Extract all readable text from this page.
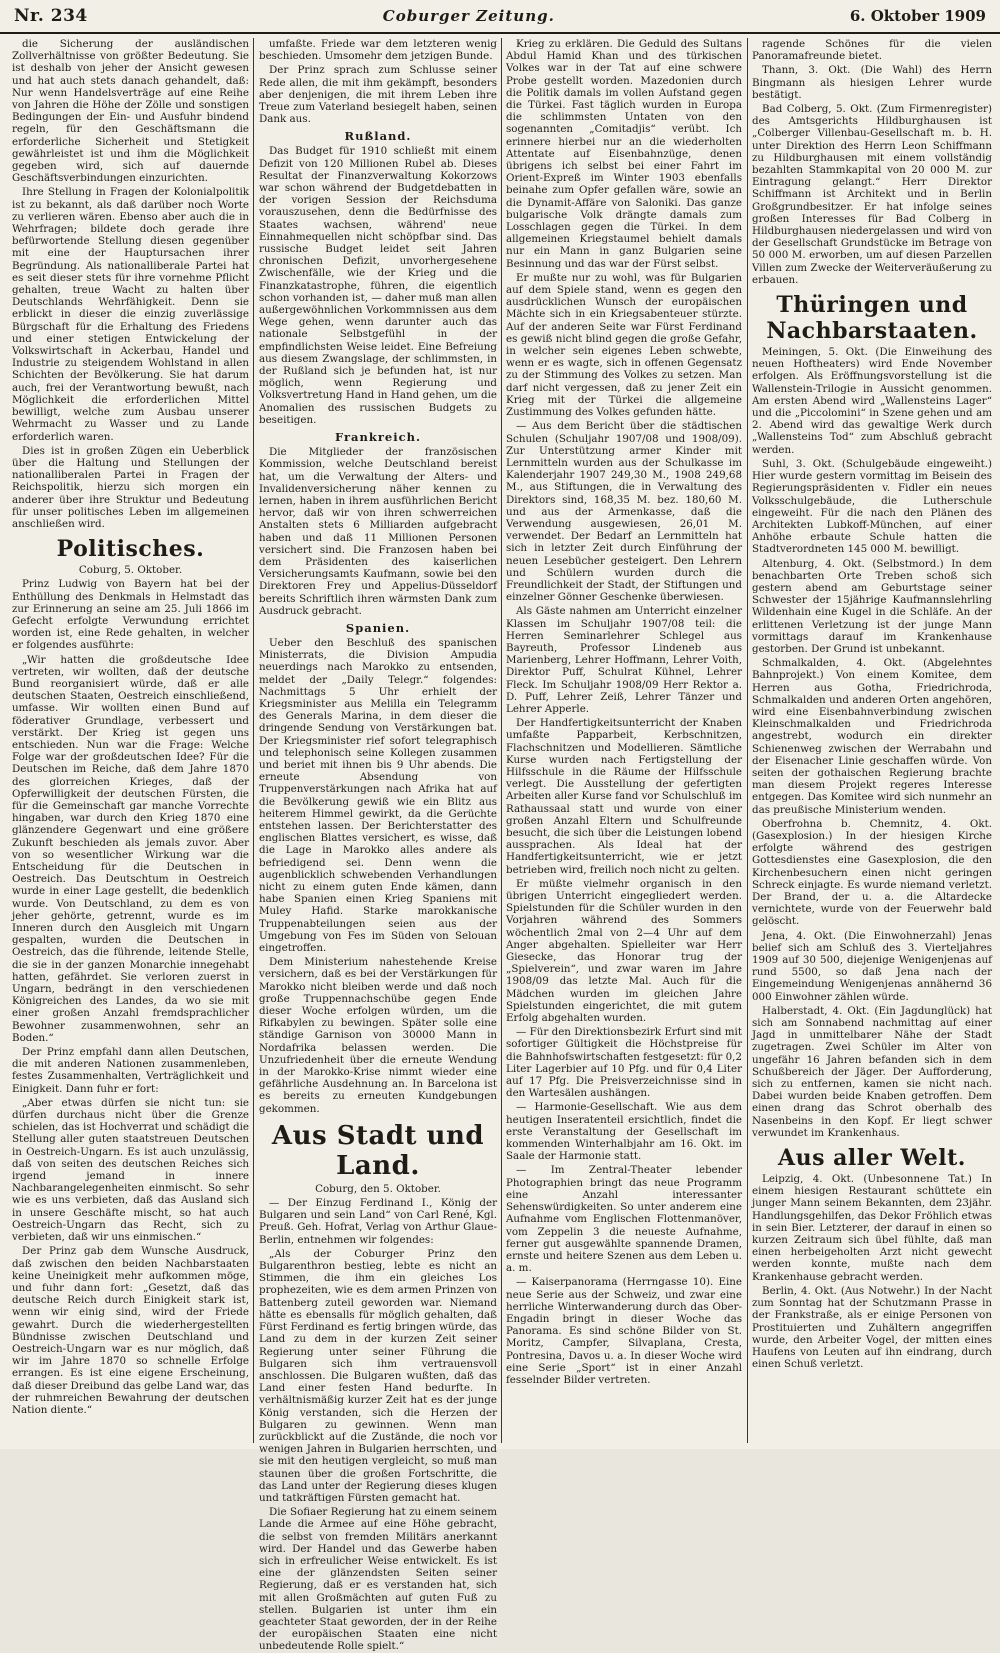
Nr. 234	Coburger Zeitung.	6. Oktober 1909

die Sicherung der ausländischen Zollverhältnisse von größter Bedeutung. Sie ist deshalb von jeher der Ansicht gewesen und hat auch stets danach gehandelt, daß: Nur wenn Handelsverträge auf eine Reihe von Jahren die Höhe der Zölle und sonstigen Bedingungen der Ein- und Ausfuhr bindend regeln, für den Geschäftsmann die erforderliche Sicherheit und Stetigkeit gewährleistet ist und ihm die Möglichkeit gegeben wird, sich auf dauernde Geschäftsverbindungen einzurichten.

Ihre Stellung in Fragen der Kolonialpolitik ist zu bekannt, als daß darüber noch Worte zu verlieren wären. Ebenso aber auch die in Wehrfragen; bildete doch gerade ihre befürwortende Stellung diesen gegenüber mit eine der Hauptursachen ihrer Begründung. Als nationalliberale Partei hat es seit dieser stets für ihre vornehme Pflicht gehalten, treue Wacht zu halten über Deutschlands Wehrfähigkeit. Denn sie erblickt in dieser die einzig zuverlässige Bürgschaft für die Erhaltung des Friedens und einer stetigen Entwickelung der Volkswirtschaft in Ackerbau, Handel und Industrie zu steigendem Wohlstand in allen Schichten der Bevölkerung. Sie hat darum auch, frei der Verantwortung bewußt, nach Möglichkeit die erforderlichen Mittel bewilligt, welche zum Ausbau unserer Wehrmacht zu Wasser und zu Lande erforderlich waren.

Dies ist in großen Zügen ein Ueberblick über die Haltung und Stellungen der nationalliberalen Partei in Fragen der Reichspolitik, hierzu sich morgen ein anderer über ihre Struktur und Bedeutung für unser politisches Leben im allgemeinen anschließen wird.

Politisches.
Coburg, 5. Oktober.

Prinz Ludwig von Bayern hat bei der Enthüllung des Denkmals in Helmstadt das zur Erinnerung an seine am 25. Juli 1866 im Gefecht erfolgte Verwundung errichtet worden ist, eine Rede gehalten, in welcher er folgendes ausführte:

„Wir hatten die großdeutsche Idee vertreten, wir wollten, daß der deutsche Bund reorganisiert würde, daß er alle deutschen Staaten, Oestreich einschließend, umfasse. Wir wollten einen Bund auf föderativer Grundlage, verbessert und verstärkt. Der Krieg ist gegen uns entschieden. Nun war die Frage: Welche Folge war der großdeutschen Idee? Für die Deutschen im Reiche, daß dem Jahre 1870 des glorreichen Krieges, daß der Opferwilligkeit der deutschen Fürsten, die für die Gemeinschaft gar manche Vorrechte hingaben, war durch den Krieg 1870 eine glänzendere Gegenwart und eine größere Zukunft beschieden als jemals zuvor. Aber von so wesentlicher Wirkung war die Entscheidung für die Deutschen in Oestreich. Das Deutschtum in Oestreich wurde in einer Lage gestellt, die bedenklich wurde. Von Deutschland, zu dem es von jeher gehörte, getrennt, wurde es im Inneren durch den Ausgleich mit Ungarn gespalten, wurden die Deutschen in Oestreich, das die führende, leitende Stelle, die sie in der ganzen Monarchie innegehabt hatten, gefährdet. Sie verloren zuerst in Ungarn, bedrängt in den verschiedenen Königreichen des Landes, da wo sie mit einer großen Anzahl fremdsprachlicher Bewohner zusammenwohnen, sehr an Boden.“

Der Prinz empfahl dann allen Deutschen, die mit anderen Nationen zusammenleben, festes Zusammenhalten, Verträglichkeit und Einigkeit. Dann fuhr er fort:

„Aber etwas dürfen sie nicht tun: sie dürfen durchaus nicht über die Grenze schielen, das ist Hochverrat und schädigt die Stellung aller guten staatstreuen Deutschen in Oestreich-Ungarn. Es ist auch unzulässig, daß von seiten des deutschen Reiches sich irgend jemand in innere Nachbarangelegenheiten einmischt. So sehr wie es uns verbieten, daß das Ausland sich in unsere Geschäfte mischt, so hat auch Oestreich-Ungarn das Recht, sich zu verbieten, daß wir uns einmischen.“

Der Prinz gab dem Wunsche Ausdruck, daß zwischen den beiden Nachbarstaaten keine Uneinigkeit mehr aufkommen möge, und fuhr dann fort: „Gesetzt, daß das deutsche Reich durch Einigkeit stark ist, wenn wir einig sind, wird der Friede gewahrt. Durch die wiederhergestellten Bündnisse zwischen Deutschland und Oestreich-Ungarn war es nur möglich, daß wir im Jahre 1870 so schnelle Erfolge errangen. Es ist eine eigene Erscheinung, daß dieser Dreibund das gelbe Land war, das der ruhmreichen Bewahrung der deutschen Nation diente.“

umfaßte. Friede war dem letzteren wenig beschieden. Umsomehr dem jetzigen Bunde.

Der Prinz sprach zum Schlusse seiner Rede allen, die mit ihm gekämpft, besonders aber denjenigen, die mit ihrem Leben ihre Treue zum Vaterland besiegelt haben, seinen Dank aus.

Rußland.

Das Budget für 1910 schließt mit einem Defizit von 120 Millionen Rubel ab. Dieses Resultat der Finanzverwaltung Kokorzows war schon während der Budgetdebatten in der vorigen Session der Reichsduma vorauszusehen, denn die Bedürfnisse des Staates wachsen, während' neue Einnahmequellen nicht schöpfbar sind. Das russische Budget leidet seit Jahren chronischen Defizit, unvorhergesehene Zwischenfälle, wie der Krieg und die Finanzkatastrophe, führen, die eigentlich schon vorhanden ist, — daher muß man allen außergewöhnlichen Vorkommnissen aus dem Wege gehen, wenn darunter auch das nationale Selbstgefühl in der empfindlichsten Weise leidet. Eine Befreiung aus diesem Zwangslage, der schlimmsten, in der Rußland sich je befunden hat, ist nur möglich, wenn Regierung und Volksvertretung Hand in Hand gehen, um die Anomalien des russischen Budgets zu beseitigen.

Frankreich.

Die Mitglieder der französischen Kommission, welche Deutschland bereist hat, um die Verwaltung der Alters- und Invalidenversicherung näher kennen zu lernen, haben in ihrem ausführlichen Bericht hervor, daß wir von ihren schwerreichen Anstalten stets 6 Milliarden aufgebracht haben und daß 11 Millionen Personen versichert sind. Die Franzosen haben bei dem Präsidenten des kaiserlichen Versicherungsamts Kaufmann, sowie bei den Direktoren Frey und Appelius-Düsseldorf bereits Schriftlich ihren wärmsten Dank zum Ausdruck gebracht.

Spanien.

Ueber den Beschluß des spanischen Ministerrats, die Division Ampudia neuerdings nach Marokko zu entsenden, meldet der „Daily Telegr.“ folgendes: Nachmittags 5 Uhr erhielt der Kriegsminister aus Melilla ein Telegramm des Generals Marina, in dem dieser die dringende Sendung von Verstärkungen bat. Der Kriegsminister rief sofort telegraphisch und telephonisch seine Kollegen zusammen und beriet mit ihnen bis 9 Uhr abends. Die erneute Absendung von Truppenverstärkungen nach Afrika hat auf die Bevölkerung gewiß wie ein Blitz aus heiterem Himmel gewirkt, da die Gerüchte entstehen lassen. Der Berichterstatter des englischen Blattes versichert, es wisse, daß die Lage in Marokko alles andere als befriedigend sei. Denn wenn die augenblicklich schwebenden Verhandlungen nicht zu einem guten Ende kämen, dann habe Spanien einen Krieg Spaniens mit Muley Hafid. Starke marokkanische Truppenabteilungen seien aus der Umgebung von Fes im Süden von Selouan eingetroffen.

Dem Ministerium nahestehende Kreise versichern, daß es bei der Verstärkungen für Marokko nicht bleiben werde und daß noch große Truppennachschübe gegen Ende dieser Woche erfolgen würden, um die Rifkabylen zu bewingen. Später solle eine ständige Garnison von 30000 Mann in Nordafrika belassen werden. Die Unzufriedenheit über die erneute Wendung in der Marokko-Krise nimmt wieder eine gefährliche Ausdehnung an. In Barcelona ist es bereits zu erneuten Kundgebungen gekommen.

Aus Stadt und Land.
Coburg, den 5. Oktober.

— Der Einzug Ferdinand I., König der Bulgaren und sein Land“ von Carl René, Kgl. Preuß. Geh. Hofrat, Verlag von Arthur Glaue-Berlin, entnehmen wir folgendes:

„Als der Coburger Prinz den Bulgarenthron bestieg, lebte es nicht an Stimmen, die ihm ein gleiches Los prophezeiten, wie es dem armen Prinzen von Battenberg zuteil geworden war. Niemand hätte es ebensalls für möglich gehalten, daß Fürst Ferdinand es fertig bringen würde, das Land zu dem in der kurzen Zeit seiner Regierung unter seiner Führung die Bulgaren sich ihm vertrauensvoll anschlossen. Die Bulgaren wußten, daß das Land einer festen Hand bedurfte. In verhältnismäßig kurzer Zeit hat es der junge König verstanden, sich die Herzen der Bulgaren zu gewinnen. Wenn man zurückblickt auf die Zustände, die noch vor wenigen Jahren in Bulgarien herrschten, und sie mit den heutigen vergleicht, so muß man staunen über die großen Fortschritte, die das Land unter der Regierung dieses klugen und tatkräftigen Fürsten gemacht hat.

Die Sofiaer Regierung hat zu einem seinem Lande die Armee auf eine Höhe gebracht, die selbst von fremden Militärs anerkannt wird. Der Handel und das Gewerbe haben sich in erfreulicher Weise entwickelt. Es ist eine der glänzendsten Seiten seiner Regierung, daß er es verstanden hat, sich mit allen Großmächten auf guten Fuß zu stellen. Bulgarien ist unter ihm ein geachteter Staat geworden, der in der Reihe der europäischen Staaten eine nicht unbedeutende Rolle spielt.“

Krieg zu erklären. Die Geduld des Sultans Abdul Hamid Khan und des türkischen Volkes war in der Tat auf eine schwere Probe gestellt worden. Mazedonien durch die Politik damals im vollen Aufstand gegen die Türkei. Fast täglich wurden in Europa die schlimmsten Untaten von den sogenannten „Comitadjis“ verübt. Ich erinnere hierbei nur an die wiederholten Attentate auf Eisenbahnzüge, denen übrigens ich selbst bei einer Fahrt im Orient-Expreß im Winter 1903 ebenfalls beinahe zum Opfer gefallen wäre, sowie an die Dynamit-Affäre von Saloniki. Das ganze bulgarische Volk drängte damals zum Losschlagen gegen die Türkei. In dem allgemeinen Kriegstaumel behielt damals nur ein Mann in ganz Bulgarien seine Besinnung und das war der Fürst selbst.

Er mußte nur zu wohl, was für Bulgarien auf dem Spiele stand, wenn es gegen den ausdrücklichen Wunsch der europäischen Mächte sich in ein Kriegsabenteuer stürzte. Auf der anderen Seite war Fürst Ferdinand es gewiß nicht blind gegen die große Gefahr, in welcher sein eigenes Leben schwebte, wenn er es wagte, sich in offenen Gegensatz zu der Stimmung des Volkes zu setzen. Man darf nicht vergessen, daß zu jener Zeit ein Krieg mit der Türkei die allgemeine Zustimmung des Volkes gefunden hätte.

— Aus dem Bericht über die städtischen Schulen (Schuljahr 1907/08 und 1908/09). Zur Unterstützung armer Kinder mit Lernmitteln wurden aus der Schulkasse im Kalenderjahr 1907 249,30 M., 1908 249,68 M., aus Stiftungen, die in Verwaltung des Direktors sind, 168,35 M. bez. 180,60 M. und aus der Armenkasse, daß die Verwendung ausgewiesen, 26,01 M. verwendet. Der Bedarf an Lernmitteln hat sich in letzter Zeit durch Einführung der neuen Lesebücher gesteigert. Den Lehrern und Schülern wurden durch die Freundlichkeit der Stadt, der Stiftungen und einzelner Gönner Geschenke überwiesen.

Als Gäste nahmen am Unterricht einzelner Klassen im Schuljahr 1907/08 teil: die Herren Seminarlehrer Schlegel aus Bayreuth, Professor Lindeneb aus Marienberg, Lehrer Hoffmann, Lehrer Voith, Direktor Puff, Schulrat Kühnel, Lehrer Fleck. Im Schuljahr 1908/09 Herr Rektor a. D. Puff, Lehrer Zeiß, Lehrer Tänzer und Lehrer Apperle.

Der Handfertigkeitsunterricht der Knaben umfaßte Papparbeit, Kerbschnitzen, Flachschnitzen und Modellieren. Sämtliche Kurse wurden nach Fertigstellung der Hilfsschule in die Räume der Hilfsschule verlegt. Die Ausstellung der gefertigten Arbeiten aller Kurse fand vor Schulschluß im Rathaussaal statt und wurde von einer großen Anzahl Eltern und Schulfreunde besucht, die sich über die Leistungen lobend aussprachen. Als Ideal hat der Handfertigkeitsunterricht, wie er jetzt betrieben wird, freilich noch nicht zu gelten.

Er müßte vielmehr organisch in den übrigen Unterricht eingegliedert werden. Spielstunden für die Schüler wurden in den Vorjahren während des Sommers wöchentlich 2mal von 2—4 Uhr auf dem Anger abgehalten. Spielleiter war Herr Giesecke, das Honorar trug der „Spielverein“, und zwar waren im Jahre 1908/09 das letzte Mal. Auch für die Mädchen wurden im gleichen Jahre Spielstunden eingerichtet, die mit gutem Erfolg abgehalten wurden.

— Für den Direktionsbezirk Erfurt sind mit sofortiger Gültigkeit die Höchstpreise für die Bahnhofswirtschaften festgesetzt: für 0,2 Liter Lagerbier auf 10 Pfg. und für 0,4 Liter auf 17 Pfg. Die Preisverzeichnisse sind in den Wartesälen aushängen.

— Harmonie-Gesellschaft. Wie aus dem heutigen Inseratenteil ersichtlich, findet die erste Veranstaltung der Gesellschaft im kommenden Winterhalbjahr am 16. Okt. im Saale der Harmonie statt.

— Im Zentral-Theater lebender Photographien bringt das neue Programm eine Anzahl interessanter Sehenswürdigkeiten. So unter anderem eine Aufnahme vom Englischen Flottenmanöver, vom Zeppelin 3 die neueste Aufnahme, ferner gut ausgewählte spannende Dramen, ernste und heitere Szenen aus dem Leben u. a. m.

— Kaiserpanorama (Herrngasse 10). Eine neue Serie aus der Schweiz, und zwar eine herrliche Winterwanderung durch das Ober-Engadin bringt in dieser Woche das Panorama. Es sind schöne Bilder von St. Moritz, Campfer, Silvaplana, Cresta, Pontresina, Davos u. a. In dieser Woche wird eine Serie „Sport“ ist in einer Anzahl fesselnder Bilder vertreten.

ragende Schönes für die vielen Panoramafreunde bietet.

Thann, 3. Okt. (Die Wahl) des Herrn Bingmann als hiesigen Lehrer wurde bestätigt.

Bad Colberg, 5. Okt. (Zum Firmenregister) des Amtsgerichts Hildburghausen ist „Colberger Villenbau-Gesellschaft m. b. H. unter Direktion des Herrn Leon Schiffmann zu Hildburghausen mit einem vollständig bezahlten Stammkapital von 20 000 M. zur Eintragung gelangt.“ Herr Direktor Schiffmann ist Architekt und in Berlin Großgrundbesitzer. Er hat infolge seines großen Interesses für Bad Colberg in Hildburghausen niedergelassen und wird von der Gesellschaft Grundstücke im Betrage von 50 000 M. erworben, um auf diesen Parzellen Villen zum Zwecke der Weiterveräußerung zu erbauen.

Thüringen und Nachbarstaaten.

Meiningen, 5. Okt. (Die Einweihung des neuen Hoftheaters) wird Ende November erfolgen. Als Eröffnungsvorstellung ist die Wallenstein-Trilogie in Aussicht genommen. Am ersten Abend wird „Wallensteins Lager“ und die „Piccolomini“ in Szene gehen und am 2. Abend wird das gewaltige Werk durch „Wallensteins Tod“ zum Abschluß gebracht werden.

Suhl, 3. Okt. (Schulgebäude eingeweiht.) Hier wurde gestern vormittag im Beisein des Regierungspräsidenten v. Fidler ein neues Volksschulgebäude, die Lutherschule eingeweiht. Für die nach den Plänen des Architekten Lubkoff-München, auf einer Anhöhe erbaute Schule hatten die Stadtverordneten 145 000 M. bewilligt.

Altenburg, 4. Okt. (Selbstmord.) In dem benachbarten Orte Treben schoß sich gestern abend am Geburtstage seiner Schwester der 15jährige Kaufmannslehrling Wildenhain eine Kugel in die Schläfe. An der erlittenen Verletzung ist der junge Mann vormittags darauf im Krankenhause gestorben. Der Grund ist unbekannt.

Schmalkalden, 4. Okt. (Abgelehntes Bahnprojekt.) Von einem Komitee, dem Herren aus Gotha, Friedrichroda, Schmalkalden und anderen Orten angehören, wird eine Eisenbahnverbindung zwischen Kleinschmalkalden und Friedrichroda angestrebt, wodurch ein direkter Schienenweg zwischen der Werrabahn und der Eisenacher Linie geschaffen würde. Von seiten der gothaischen Regierung brachte man diesem Projekt regeres Interesse entgegen. Das Komitee wird sich nunmehr an das preußische Ministerium wenden.

Oberfrohna b. Chemnitz, 4. Okt. (Gasexplosion.) In der hiesigen Kirche erfolgte während des gestrigen Gottesdienstes eine Gasexplosion, die den Kirchenbesuchern einen nicht geringen Schreck einjagte. Es wurde niemand verletzt. Der Brand, der u. a. die Altardecke vernichtete, wurde von der Feuerwehr bald gelöscht.

Jena, 4. Okt. (Die Einwohnerzahl) Jenas belief sich am Schluß des 3. Vierteljahres 1909 auf 30 500, diejenige Wenigenjenas auf rund 5500, so daß Jena nach der Eingemeindung Wenigenjenas annähernd 36 000 Einwohner zählen würde.

Halberstadt, 4. Okt. (Ein Jagdunglück) hat sich am Sonnabend nachmittag auf einer Jagd in unmittelbarer Nähe der Stadt zugetragen. Zwei Schüler im Alter von ungefähr 16 Jahren befanden sich in dem Schußbereich der Jäger. Der Aufforderung, sich zu entfernen, kamen sie nicht nach. Dabei wurden beide Knaben getroffen. Dem einen drang das Schrot oberhalb des Nasenbeins in den Kopf. Er liegt schwer verwundet im Krankenhaus.

Aus aller Welt.

Leipzig, 4. Okt. (Unbesonnene Tat.) In einem hiesigen Restaurant schüttete ein junger Mann seinem Bekannten, dem 23jähr. Handlungsgehilfen, das Dekor Fröhlich etwas in sein Bier. Letzterer, der darauf in einen so kurzen Zeitraum sich übel fühlte, daß man einen herbeigeholten Arzt nicht gewecht werden konnte, mußte nach dem Krankenhause gebracht werden.

Berlin, 4. Okt. (Aus Notwehr.) In der Nacht zum Sonntag hat der Schutzmann Prasse in der Frankstraße, als er einige Personen von Prostituierten und Zuhältern angegriffen wurde, den Arbeiter Vogel, der mitten eines Haufens von Leuten auf ihn eindrang, durch einen Schuß verletzt.
